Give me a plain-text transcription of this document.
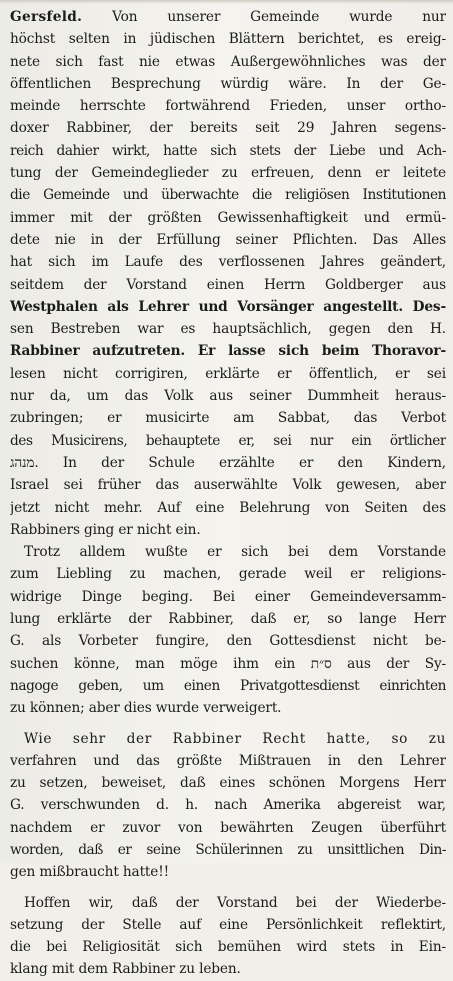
Gersfeld. Von unserer Gemeinde wurde nur
höchst selten in jüdischen Blättern berichtet, es ereig-
nete sich fast nie etwas Außergewöhnliches was der
öffentlichen Besprechung würdig wäre. In der Ge-
meinde herrschte fortwährend Frieden, unser ortho-
doxer Rabbiner, der bereits seit 29 Jahren segens-
reich dahier wirkt, hatte sich stets der Liebe und Ach-
tung der Gemeindeglieder zu erfreuen, denn er leitete
die Gemeinde und überwachte die religiösen Institutionen
immer mit der größten Gewissenhaftigkeit und ermü-
dete nie in der Erfüllung seiner Pflichten. Das Alles
hat sich im Laufe des verflossenen Jahres geändert,
seitdem der Vorstand einen Herrn Goldberger aus
Westphalen als Lehrer und Vorsänger angestellt. Des-
sen Bestreben war es hauptsächlich, gegen den H.
Rabbiner aufzutreten. Er lasse sich beim Thoravor-
lesen nicht corrigiren, erklärte er öffentlich, er sei
nur da, um das Volk aus seiner Dummheit heraus-
zubringen; er musicirte am Sabbat, das Verbot
des Musicirens, behauptete er, sei nur ein örtlicher
מנהג. In der Schule erzählte er den Kindern,
Israel sei früher das auserwählte Volk gewesen, aber
jetzt nicht mehr. Auf eine Belehrung von Seiten des
Rabbiners ging er nicht ein.
Trotz alldem wußte er sich bei dem Vorstande
zum Liebling zu machen, gerade weil er religions-
widrige Dinge beging. Bei einer Gemeindeversamm-
lung erklärte der Rabbiner, daß er, so lange Herr
G. als Vorbeter fungire, den Gottesdienst nicht be-
suchen könne, man möge ihm ein ס״ת aus der Sy-
nagoge geben, um einen Privatgottesdienst einrichten
zu können; aber dies wurde verweigert.
Wie sehr der Rabbiner Recht hatte, so zu
verfahren und das größte Mißtrauen in den Lehrer
zu setzen, beweiset, daß eines schönen Morgens Herr
G. verschwunden d. h. nach Amerika abgereist war,
nachdem er zuvor von bewährten Zeugen überführt
worden, daß er seine Schülerinnen zu unsittlichen Din-
gen mißbraucht hatte!!
Hoffen wir, daß der Vorstand bei der Wiederbe-
setzung der Stelle auf eine Persönlichkeit reflektirt,
die bei Religiosität sich bemühen wird stets in Ein-
klang mit dem Rabbiner zu leben.
